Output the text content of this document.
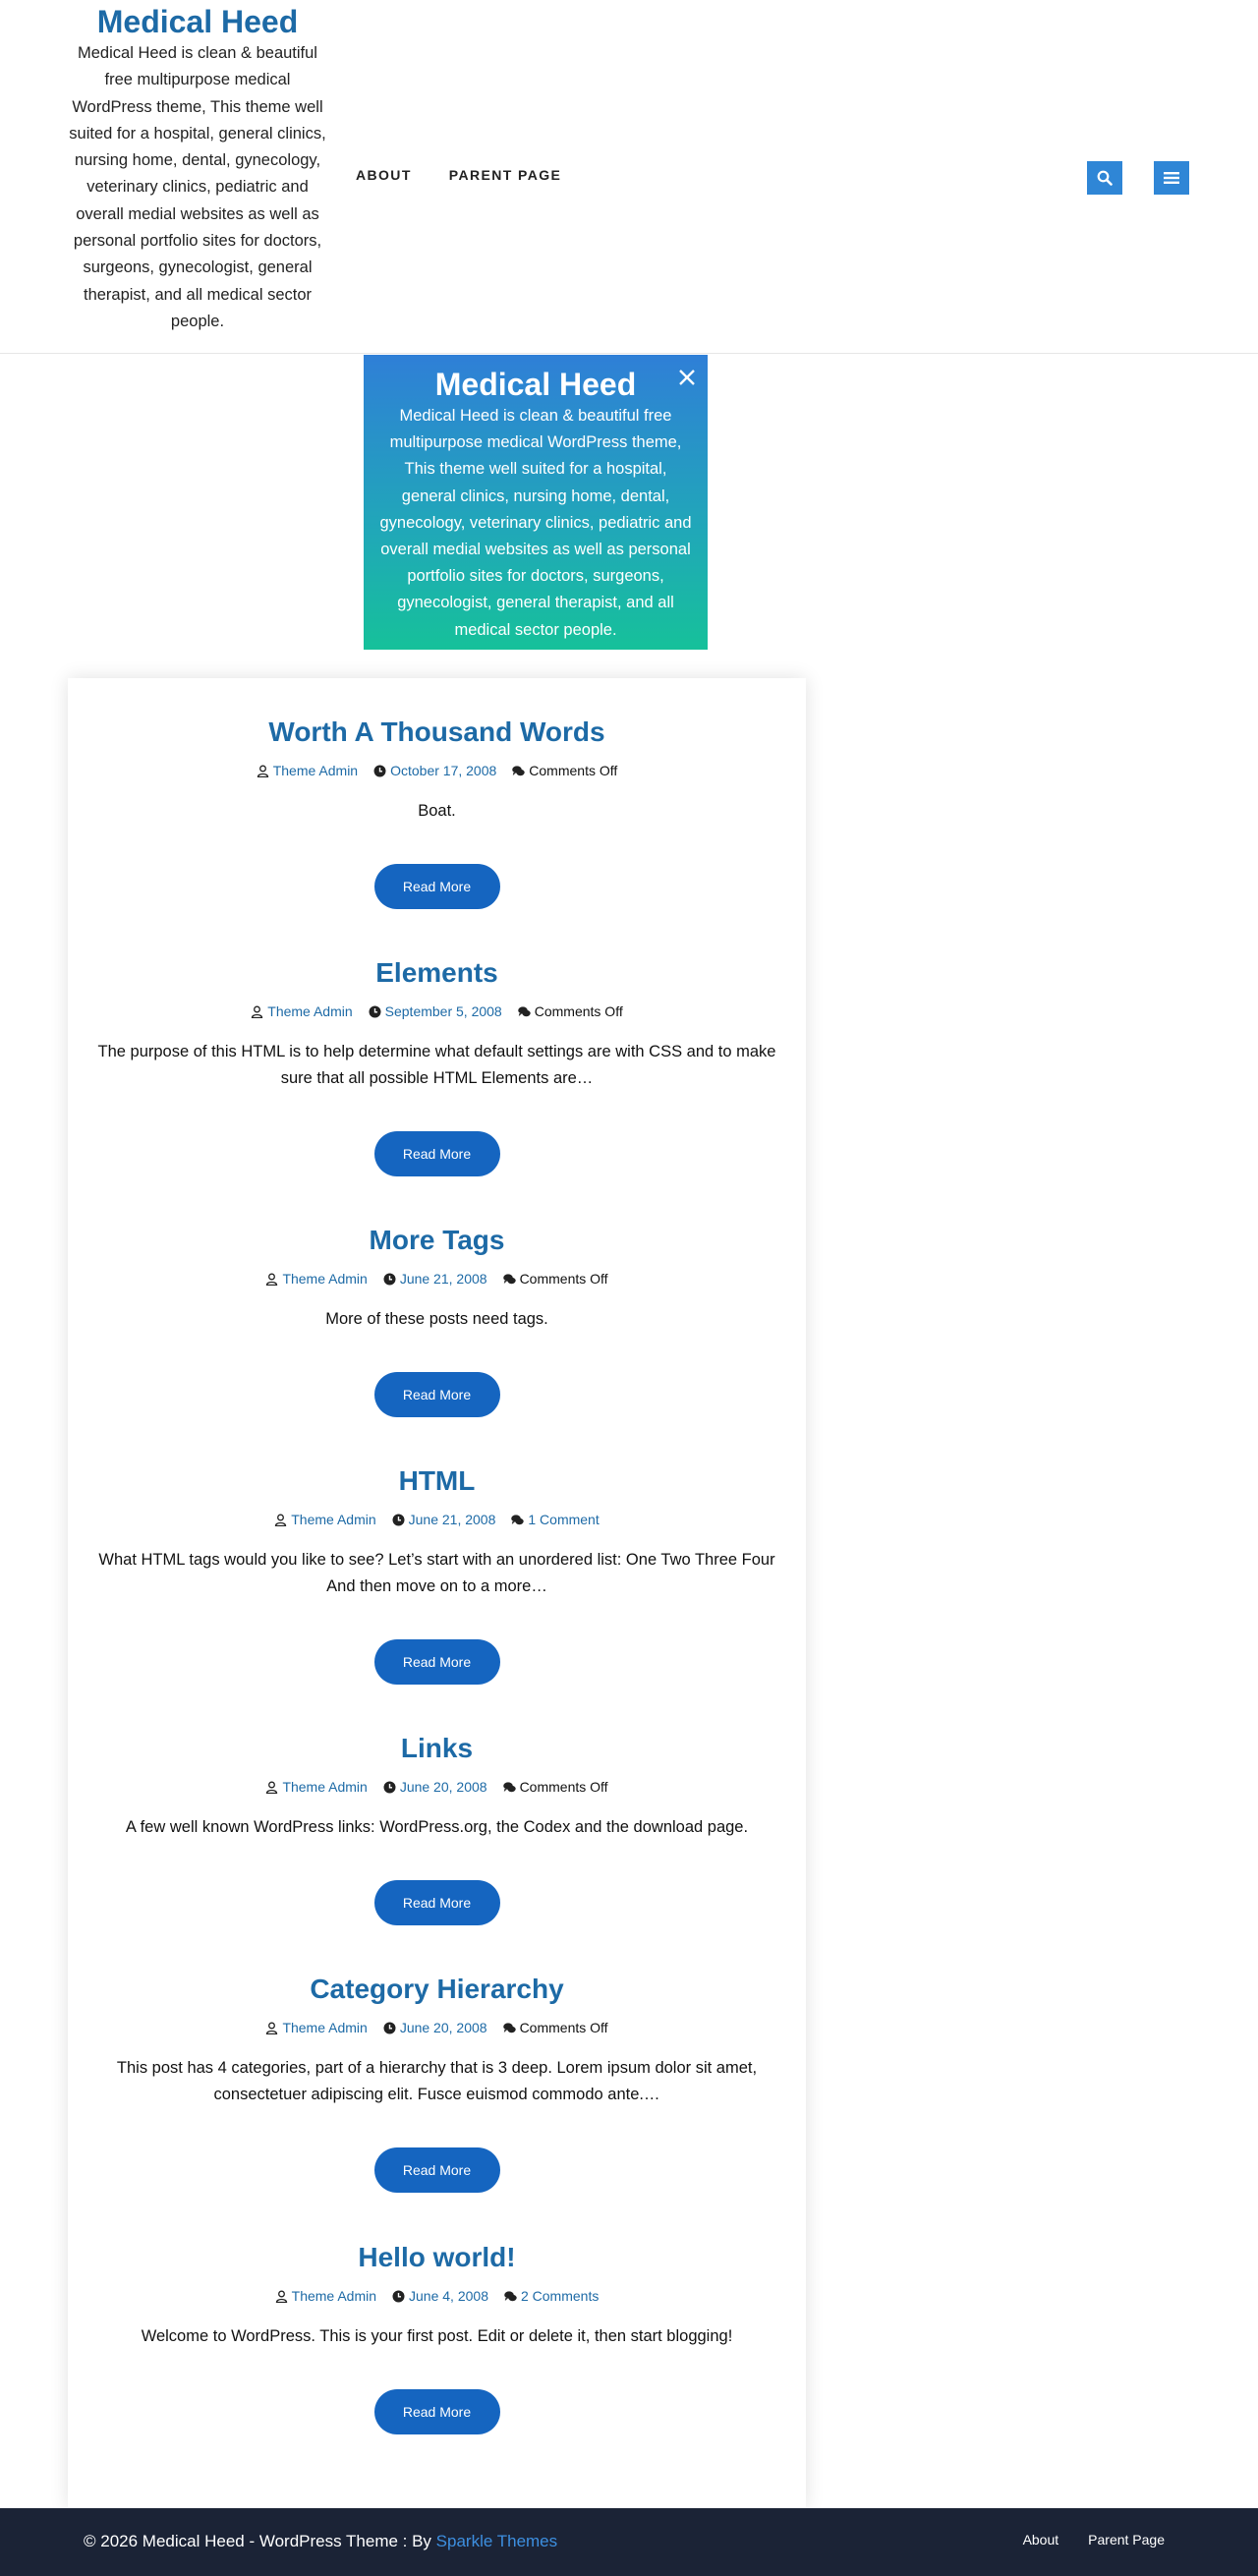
Medical Heed

Medical Heed is clean & beautiful free multipurpose medical WordPress theme, This theme well suited for a hospital, general clinics, nursing home, dental, gynecology, veterinary clinics, pediatric and overall medial websites as well as personal portfolio sites for doctors, surgeons, gynecologist, general therapist, and all medical sector people.

ABOUT	PARENT PAGE
Medical Heed

Medical Heed is clean & beautiful free multipurpose medical WordPress theme, This theme well suited for a hospital, general clinics, nursing home, dental, gynecology, veterinary clinics, pediatric and overall medial websites as well as personal portfolio sites for doctors, surgeons, gynecologist, general therapist, and all medical sector people.

Worth A Thousand Words
Theme Admin October 17, 2008 Comments Off

Boat.

Read More
Elements
Theme Admin September 5, 2008 Comments Off

The purpose of this HTML is to help determine what default settings are with CSS and to make sure that all possible HTML Elements are…

Read More
More Tags
Theme Admin June 21, 2008 Comments Off

More of these posts need tags.

Read More
HTML
Theme Admin June 21, 2008 1 Comment

What HTML tags would you like to see? Let’s start with an unordered list: One Two Three Four And then move on to a more…

Read More
Links
Theme Admin June 20, 2008 Comments Off

A few well known WordPress links: WordPress.org, the Codex and the download page.

Read More
Category Hierarchy
Theme Admin June 20, 2008 Comments Off

This post has 4 categories, part of a hierarchy that is 3 deep. Lorem ipsum dolor sit amet, consectetuer adipiscing elit. Fusce euismod commodo ante.…

Read More
Hello world!
Theme Admin June 4, 2008 2 Comments

Welcome to WordPress. This is your first post. Edit or delete it, then start blogging!

Read More
© 2026 Medical Heed - WordPress Theme : By Sparkle Themes	About Parent Page
